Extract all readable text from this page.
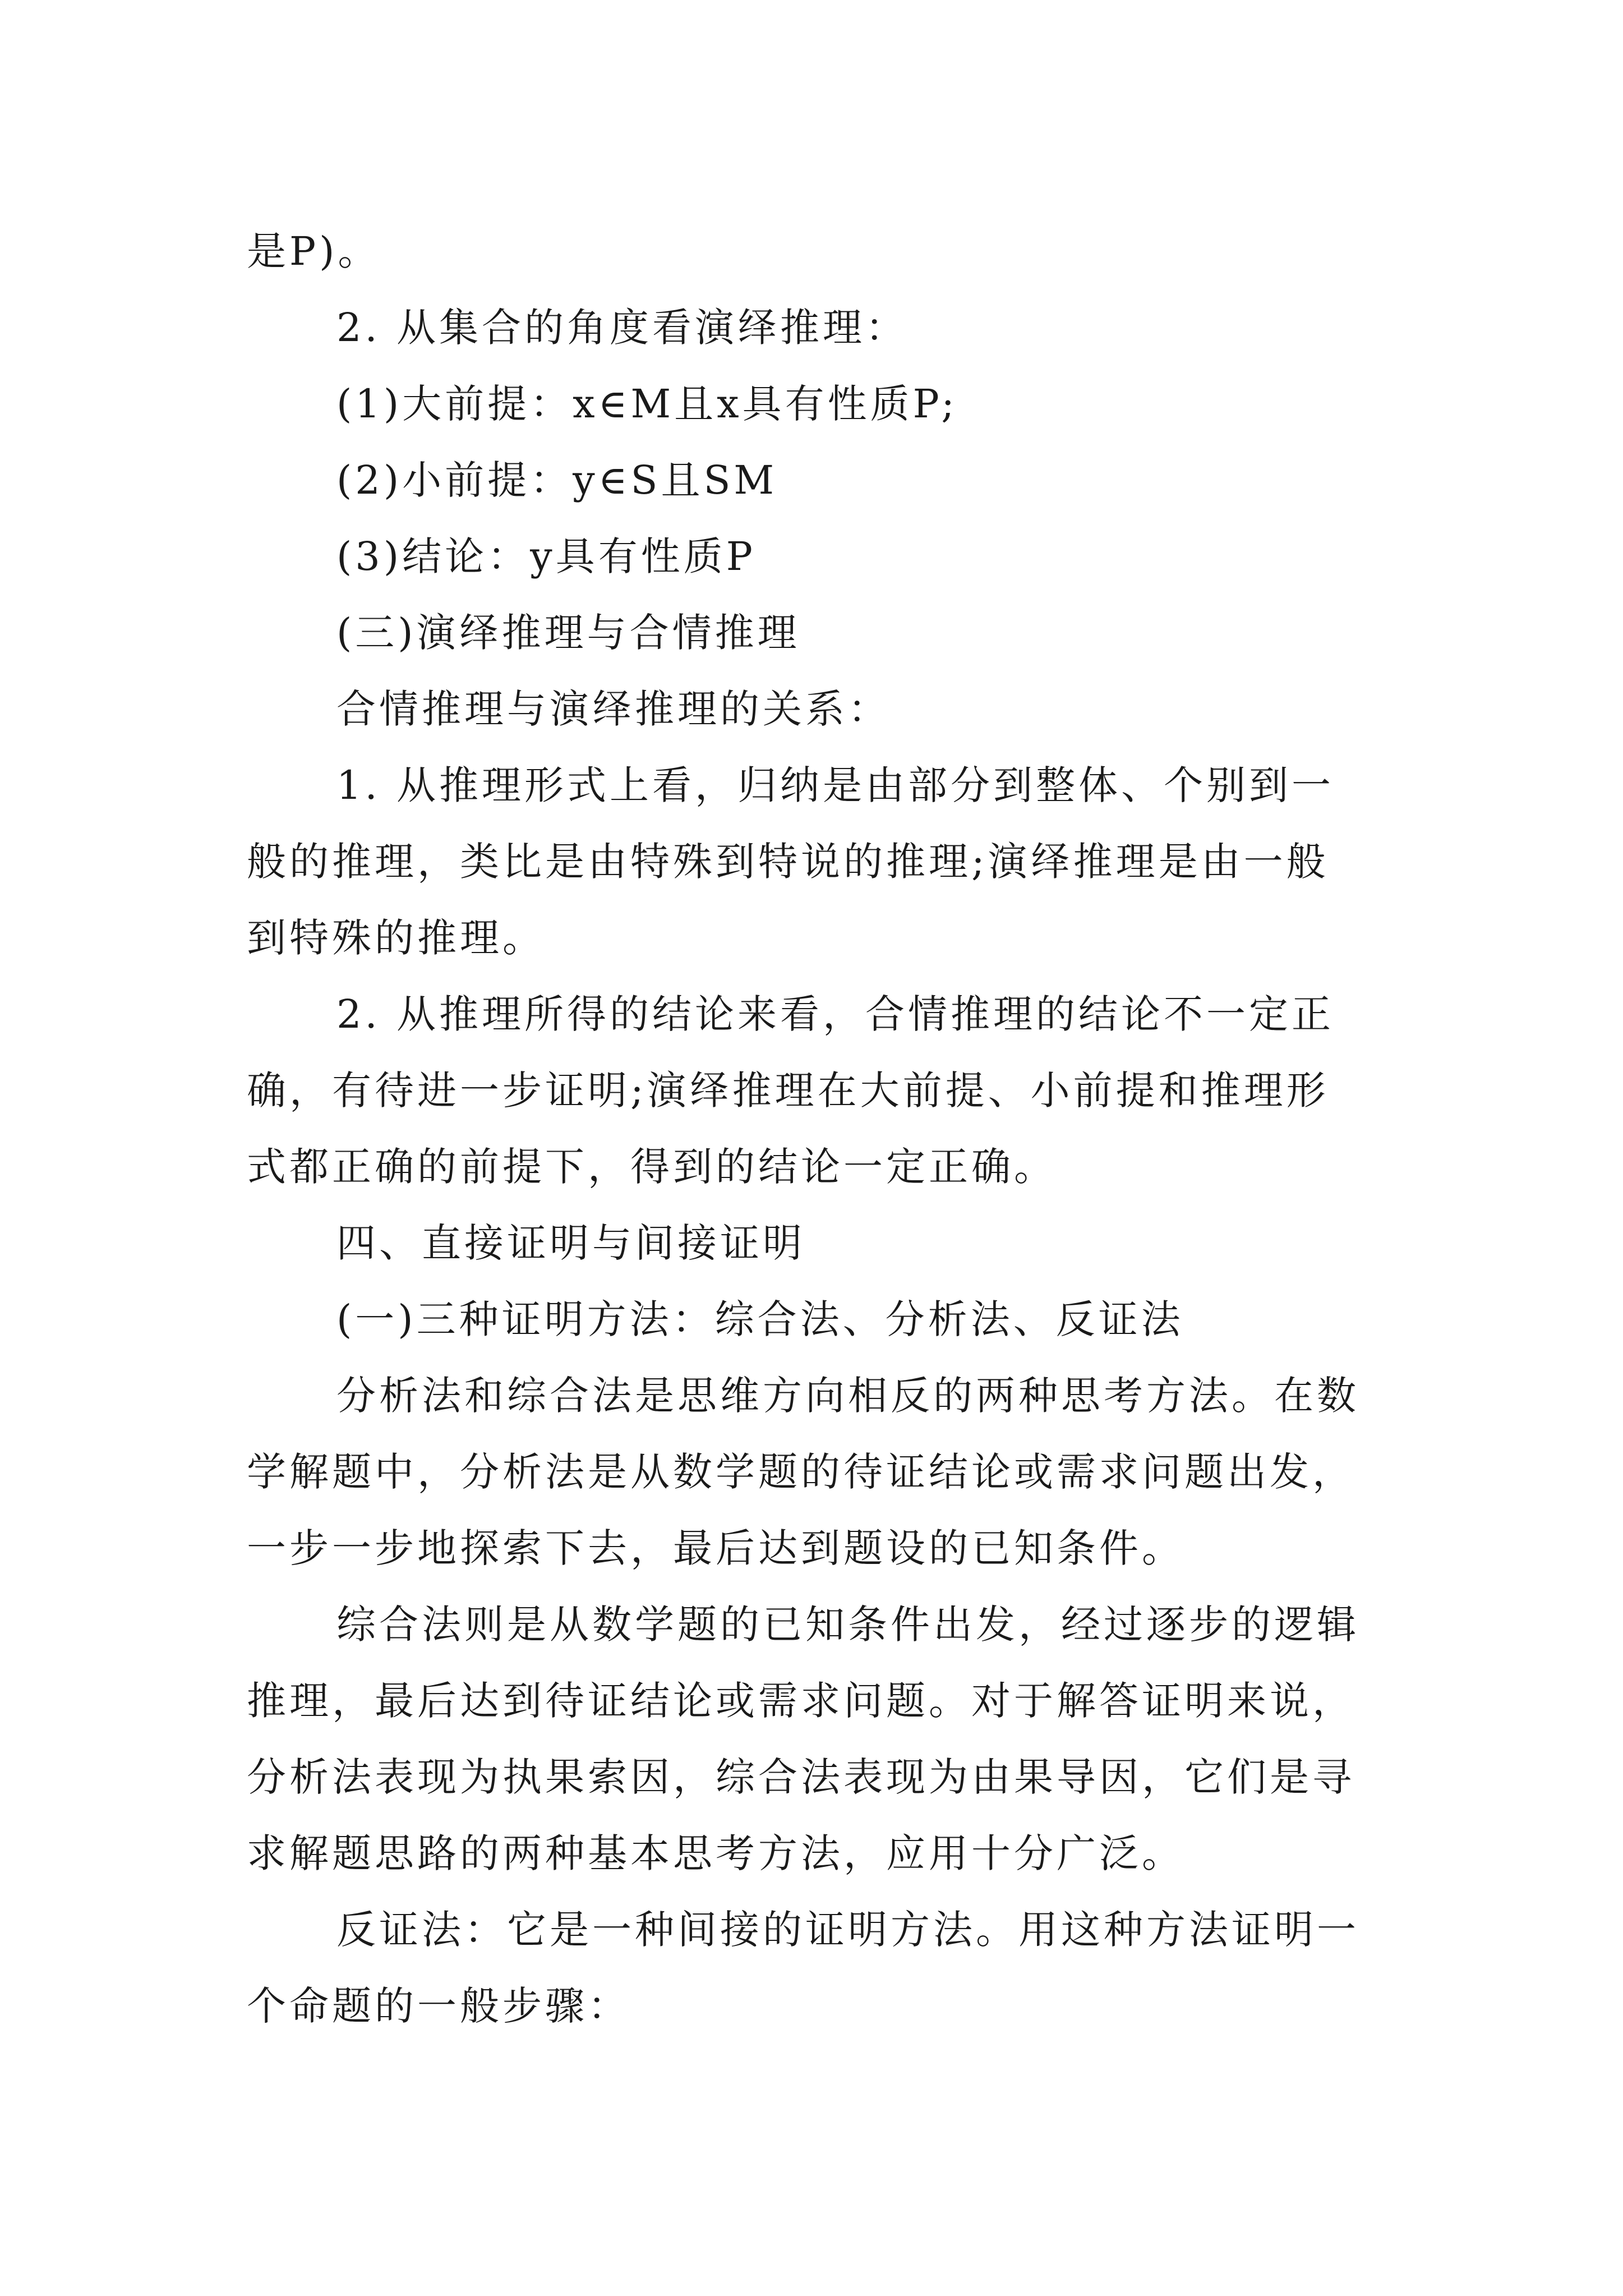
是P)。
2. 从集合的角度看演绎推理：
(1)大前提：x∈M且x具有性质P;
(2)小前提：y∈S且SM
(3)结论：y具有性质P
(三)演绎推理与合情推理
合情推理与演绎推理的关系：
1. 从推理形式上看，归纳是由部分到整体、个别到一
般的推理，类比是由特殊到特说的推理;演绎推理是由一般
到特殊的推理。
2. 从推理所得的结论来看，合情推理的结论不一定正
确，有待进一步证明;演绎推理在大前提、小前提和推理形
式都正确的前提下，得到的结论一定正确。
四、直接证明与间接证明
(一)三种证明方法：综合法、分析法、反证法
分析法和综合法是思维方向相反的两种思考方法。在数
学解题中，分析法是从数学题的待证结论或需求问题出发，
一步一步地探索下去，最后达到题设的已知条件。
综合法则是从数学题的已知条件出发，经过逐步的逻辑
推理，最后达到待证结论或需求问题。对于解答证明来说，
分析法表现为执果索因，综合法表现为由果导因，它们是寻
求解题思路的两种基本思考方法，应用十分广泛。
反证法：它是一种间接的证明方法。用这种方法证明一
个命题的一般步骤：
